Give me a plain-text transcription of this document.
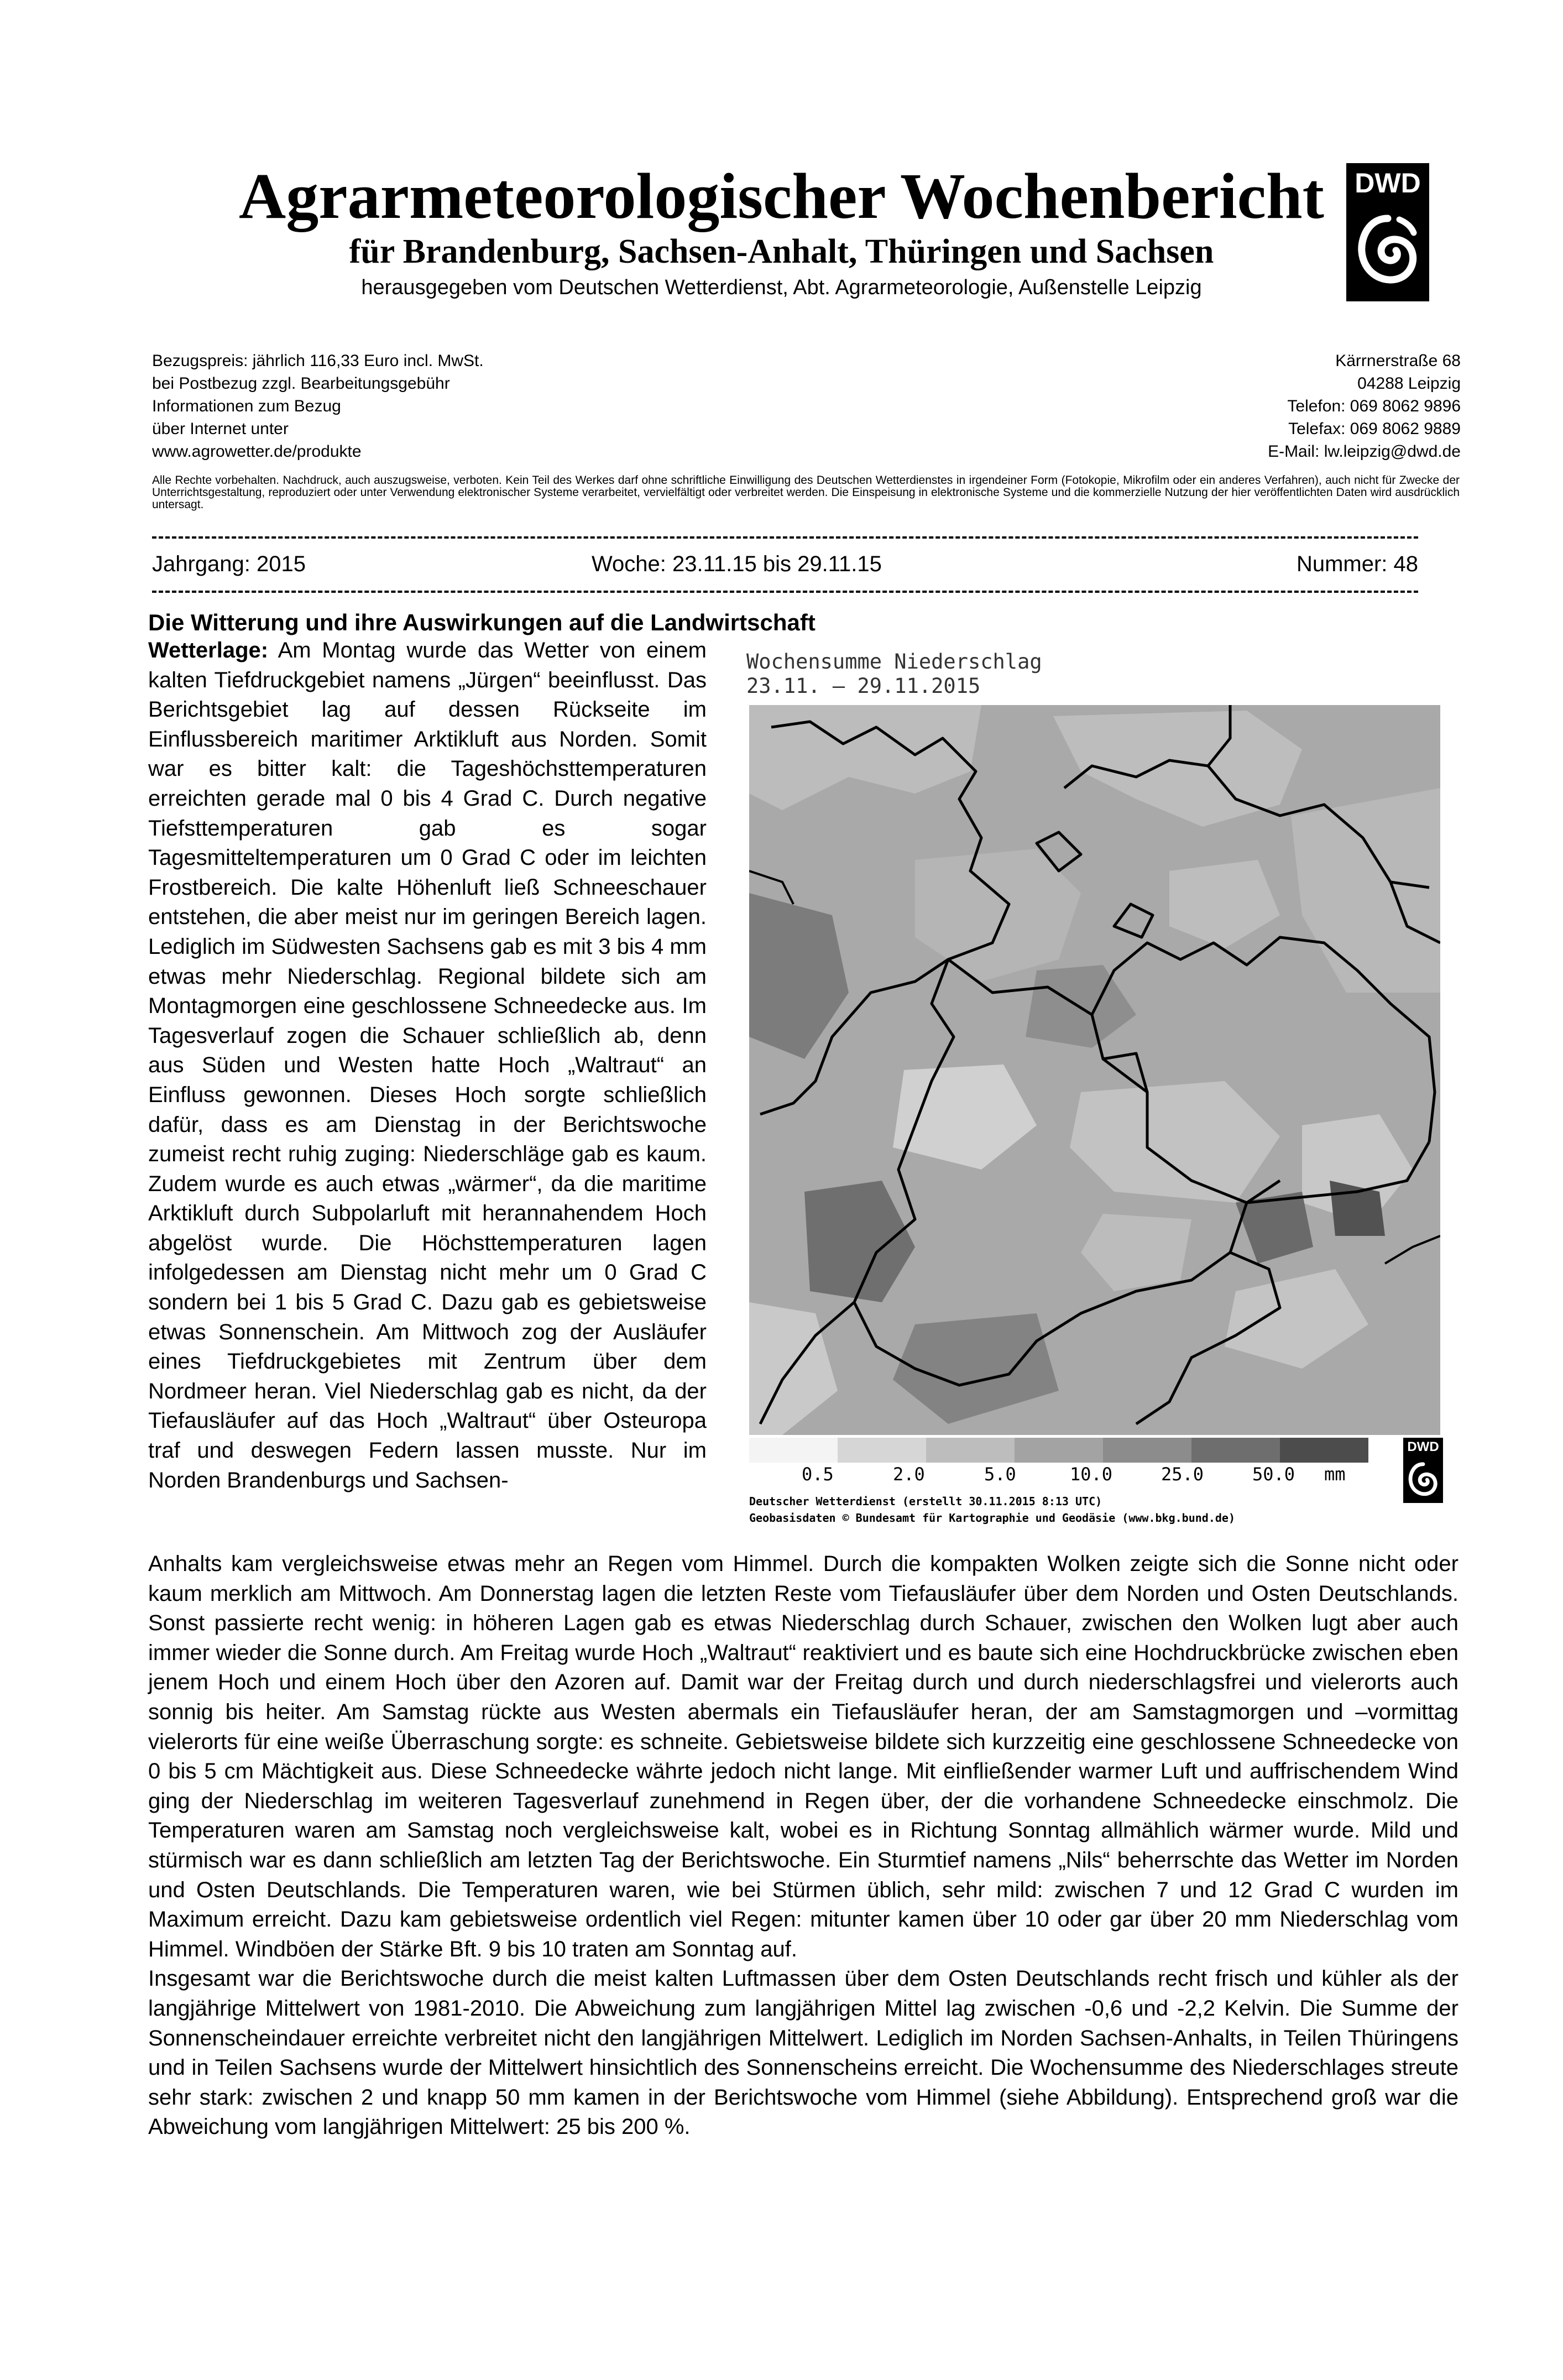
Agrarmeteorologischer Wochenbericht
für Brandenburg, Sachsen-Anhalt, Thüringen und Sachsen
herausgegeben vom Deutschen Wetterdienst, Abt. Agrarmeteorologie, Außenstelle Leipzig
DWD
Bezugspreis: jährlich 116,33 Euro incl. MwSt.
bei Postbezug zzgl. Bearbeitungsgebühr
Informationen zum Bezug
über Internet unter
www.agrowetter.de/produkte
Kärrnerstraße 68
04288 Leipzig
Telefon: 069 8062 9896
Telefax: 069 8062 9889
E-Mail: lw.leipzig@dwd.de
Alle Rechte vorbehalten. Nachdruck, auch auszugsweise, verboten. Kein Teil des Werkes darf ohne schriftliche Einwilligung des Deutschen Wetterdienstes in irgendeiner Form (Fotokopie, Mikrofilm oder ein anderes Verfahren), auch nicht für Zwecke der Unterrichtsgestaltung, reproduziert oder unter Verwendung elektronischer Systeme verarbeitet, vervielfältigt oder verbreitet werden. Die Einspeisung in elektronische Systeme und die kommerzielle Nutzung der hier veröffentlichten Daten wird ausdrücklich untersagt.
Jahrgang: 2015	Woche: 23.11.15 bis 29.11.15	Nummer: 48
Die Witterung und ihre Auswirkungen auf die Landwirtschaft
Wetterlage: Am Montag wurde das Wetter von einem kalten Tiefdruckgebiet namens „Jürgen“ beeinflusst. Das Berichtsgebiet lag auf dessen Rückseite im Einflussbereich maritimer Arktikluft aus Norden. Somit war es bitter kalt: die Tageshöchsttemperaturen erreichten gerade mal 0 bis 4 Grad C. Durch negative Tiefsttemperaturen gab es sogar Tagesmitteltemperaturen um 0 Grad C oder im leichten Frostbereich. Die kalte Höhenluft ließ Schneeschauer entstehen, die aber meist nur im geringen Bereich lagen. Lediglich im Südwesten Sachsens gab es mit 3 bis 4 mm etwas mehr Niederschlag. Regional bildete sich am Montagmorgen eine geschlossene Schneedecke aus. Im Tagesverlauf zogen die Schauer schließlich ab, denn aus Süden und Westen hatte Hoch „Waltraut“ an Einfluss gewonnen. Dieses Hoch sorgte schließlich dafür, dass es am Dienstag in der Berichtswoche zumeist recht ruhig zuging: Niederschläge gab es kaum. Zudem wurde es auch etwas „wärmer“, da die maritime Arktikluft durch Subpolarluft mit herannahendem Hoch abgelöst wurde. Die Höchsttemperaturen lagen infolgedessen am Dienstag nicht mehr um 0 Grad C sondern bei 1 bis 5 Grad C. Dazu gab es gebietsweise etwas Sonnenschein. Am Mittwoch zog der Ausläufer eines Tiefdruckgebietes mit Zentrum über dem Nordmeer heran. Viel Niederschlag gab es nicht, da der Tiefausläufer auf das Hoch „Waltraut“ über Osteuropa traf und deswegen Federn lassen musste. Nur im Norden Brandenburgs und Sachsen-

Anhalts kam vergleichsweise etwas mehr an Regen vom Himmel. Durch die kompakten Wolken zeigte sich die Sonne nicht oder kaum merklich am Mittwoch. Am Donnerstag lagen die letzten Reste vom Tiefausläufer über dem Norden und Osten Deutschlands. Sonst passierte recht wenig: in höheren Lagen gab es etwas Niederschlag durch Schauer, zwischen den Wolken lugt aber auch immer wieder die Sonne durch. Am Freitag wurde Hoch „Waltraut“ reaktiviert und es baute sich eine Hochdruckbrücke zwischen eben jenem Hoch und einem Hoch über den Azoren auf. Damit war der Freitag durch und durch niederschlagsfrei und vielerorts auch sonnig bis heiter. Am Samstag rückte aus Westen abermals ein Tiefausläufer heran, der am Samstagmorgen und –vormittag vielerorts für eine weiße Überraschung sorgte: es schneite. Gebietsweise bildete sich kurzzeitig eine geschlossene Schneedecke von 0 bis 5 cm Mächtigkeit aus. Diese Schneedecke währte jedoch nicht lange. Mit einfließender warmer Luft und auffrischendem Wind ging der Niederschlag im weiteren Tagesverlauf zunehmend in Regen über, der die vorhandene Schneedecke einschmolz. Die Temperaturen waren am Samstag noch vergleichsweise kalt, wobei es in Richtung Sonntag allmählich wärmer wurde. Mild und stürmisch war es dann schließlich am letzten Tag der Berichtswoche. Ein Sturmtief namens „Nils“ beherrschte das Wetter im Norden und Osten Deutschlands. Die Temperaturen waren, wie bei Stürmen üblich, sehr mild: zwischen 7 und 12 Grad C wurden im Maximum erreicht. Dazu kam gebietsweise ordentlich viel Regen: mitunter kamen über 10 oder gar über 20 mm Niederschlag vom Himmel. Windböen der Stärke Bft. 9 bis 10 traten am Sonntag auf.

Insgesamt war die Berichtswoche durch die meist kalten Luftmassen über dem Osten Deutschlands recht frisch und kühler als der langjährige Mittelwert von 1981-2010. Die Abweichung zum langjährigen Mittel lag zwischen -0,6 und -2,2 Kelvin. Die Summe der Sonnenscheindauer erreichte verbreitet nicht den langjährigen Mittelwert. Lediglich im Norden Sachsen-Anhalts, in Teilen Thüringens und in Teilen Sachsens wurde der Mittelwert hinsichtlich des Sonnenscheins erreicht. Die Wochensumme des Niederschlages streute sehr stark: zwischen 2 und knapp 50 mm kamen in der Berichtswoche vom Himmel (siehe Abbildung). Entsprechend groß war die Abweichung vom langjährigen Mittelwert: 25 bis 200 %.

Wochensumme Niederschlag
23.11. – 29.11.2015
0.5	2.0	5.0	10.0	25.0	50.0 mm
Deutscher Wetterdienst (erstellt 30.11.2015 8:13 UTC)
Geobasisdaten © Bundesamt für Kartographie und Geodäsie (www.bkg.bund.de)
DWD
